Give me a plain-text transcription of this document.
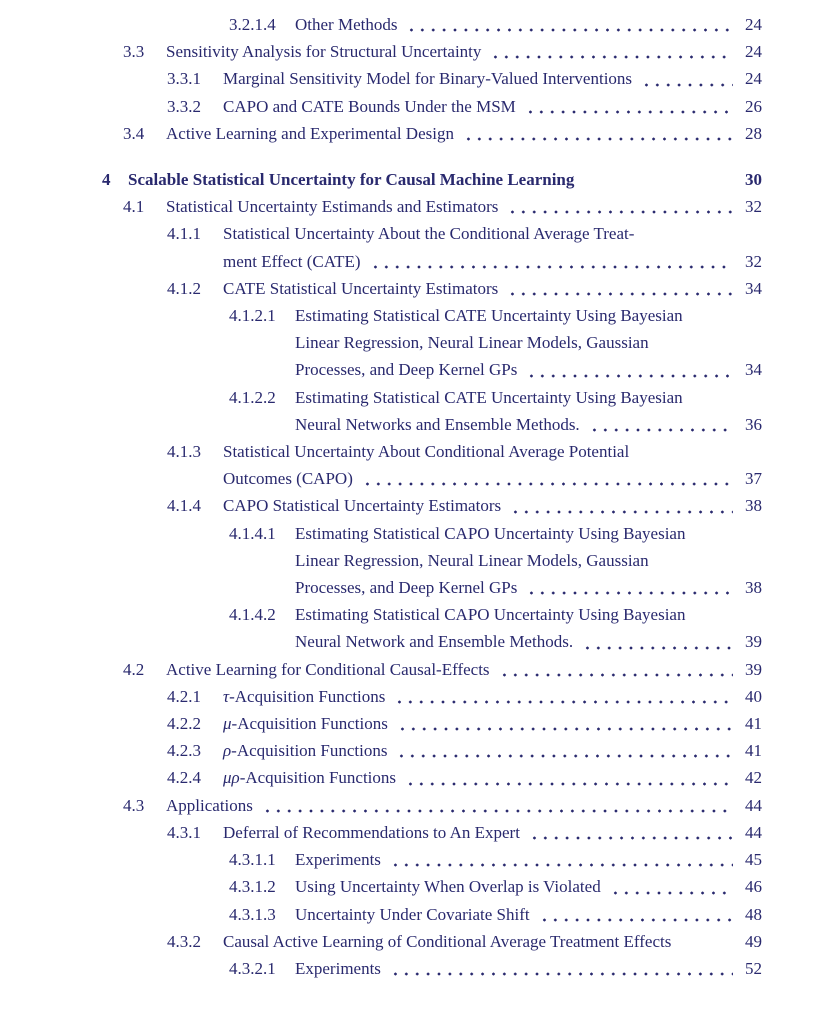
3.2.1.4 Other Methods	24
3.3 Sensitivity Analysis for Structural Uncertainty	24
3.3.1 Marginal Sensitivity Model for Binary-Valued Interventions	24
3.3.2 CAPO and CATE Bounds Under the MSM	26
3.4 Active Learning and Experimental Design	28
4 Scalable Statistical Uncertainty for Causal Machine Learning	30
4.1 Statistical Uncertainty Estimands and Estimators	32
4.1.1 Statistical Uncertainty About the Conditional Average Treat-
ment Effect (CATE)	32
4.1.2 CATE Statistical Uncertainty Estimators	34
4.1.2.1 Estimating Statistical CATE Uncertainty Using Bayesian
Linear Regression, Neural Linear Models, Gaussian
Processes, and Deep Kernel GPs	34
4.1.2.2 Estimating Statistical CATE Uncertainty Using Bayesian
Neural Networks and Ensemble Methods.	36
4.1.3 Statistical Uncertainty About Conditional Average Potential
Outcomes (CAPO)	37
4.1.4 CAPO Statistical Uncertainty Estimators	38
4.1.4.1 Estimating Statistical CAPO Uncertainty Using Bayesian
Linear Regression, Neural Linear Models, Gaussian
Processes, and Deep Kernel GPs	38
4.1.4.2 Estimating Statistical CAPO Uncertainty Using Bayesian
Neural Network and Ensemble Methods.	39
4.2 Active Learning for Conditional Causal-Effects	39
4.2.1 τ-Acquisition Functions	40
4.2.2 μ-Acquisition Functions	41
4.2.3 ρ-Acquisition Functions	41
4.2.4 μρ-Acquisition Functions	42
4.3 Applications	44
4.3.1 Deferral of Recommendations to An Expert	44
4.3.1.1 Experiments	45
4.3.1.2 Using Uncertainty When Overlap is Violated	46
4.3.1.3 Uncertainty Under Covariate Shift	48
4.3.2 Causal Active Learning of Conditional Average Treatment Effects	49
4.3.2.1 Experiments	52
